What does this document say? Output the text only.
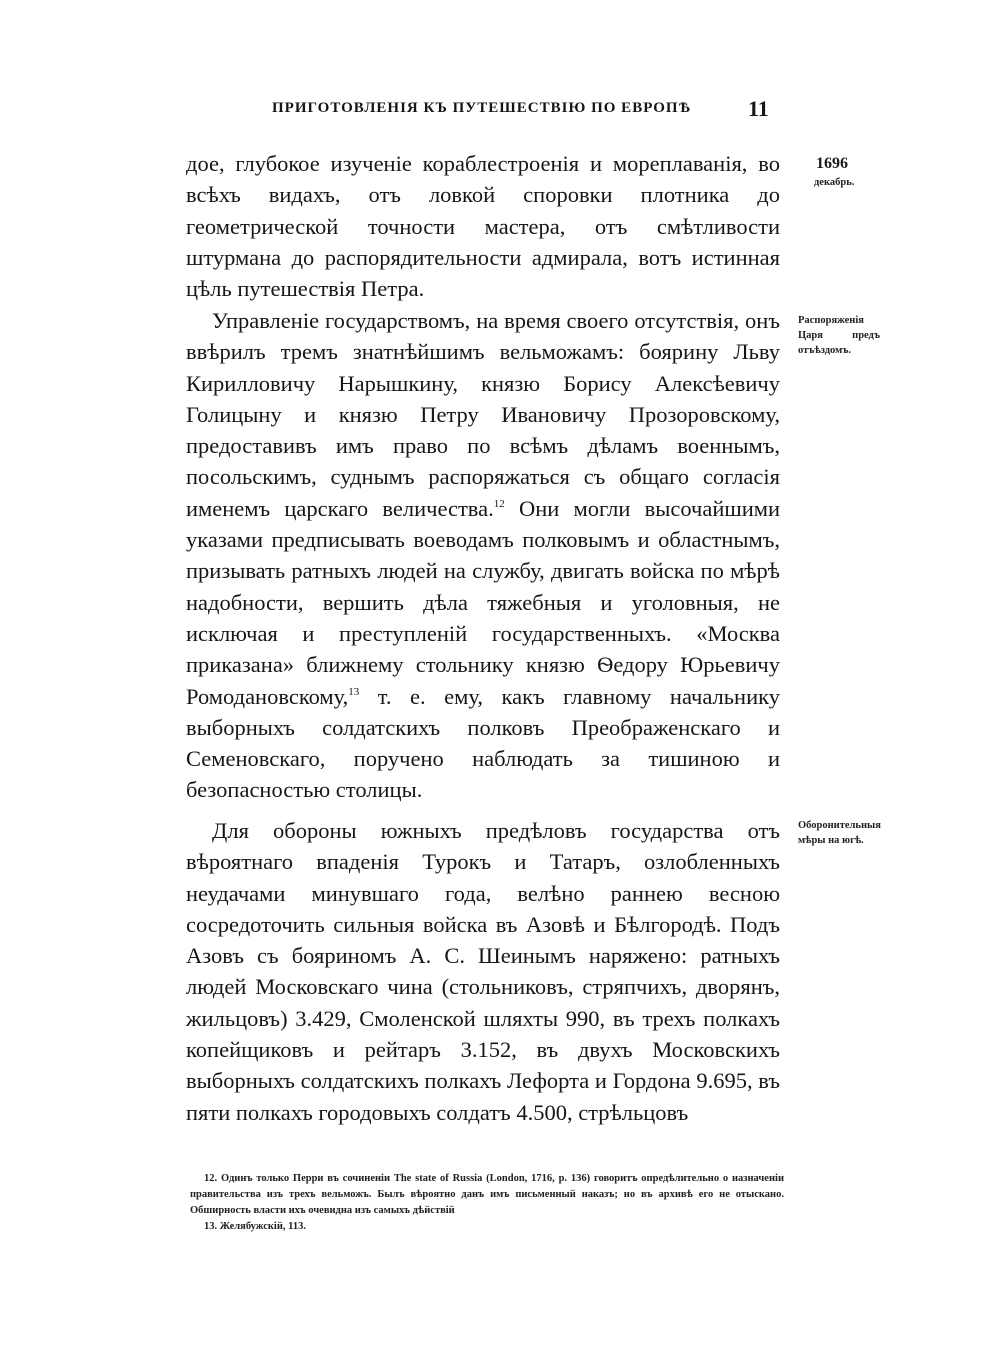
ПРИГОТОВЛЕНІЯ КЪ ПУТЕШЕСТВІЮ ПО ЕВРОПѢ	11
1696
декабрь.
Распоряженія Царя предъ отъѣздомъ.
Оборонительныя мѣры на югѣ.

дое, глубокое изученіе кораблестроенія и мореплаванія, во всѣхъ видахъ, отъ ловкой споровки плотника до геометрической точности мастера, отъ смѣтливости штурмана до распорядительности адмирала, вотъ истинная цѣль путешествія Петра.

Управленіе государствомъ, на время своего отсутствія, онъ ввѣрилъ тремъ знатнѣйшимъ вельможамъ: боярину Льву Кирилловичу Нарышкину, князю Борису Алексѣевичу Голицыну и князю Петру Ивановичу Прозоровскому, предоставивъ имъ право по всѣмъ дѣламъ военнымъ, посольскимъ, суднымъ распоряжаться съ общаго согласія именемъ царскаго величества.$^{12}$ Они могли высочайшими указами предписывать воеводамъ полковымъ и областнымъ, призывать ратныхъ людей на службу, двигать войска по мѣрѣ надобности, вершить дѣла тяжебныя и уголовныя, не исключая и преступленій государственныхъ. «Москва приказана» ближнему стольнику князю Ѳедору Юрьевичу Ромодановскому,$^{13}$ т. е. ему, какъ главному начальнику выборныхъ солдатскихъ полковъ Преображенскаго и Семеновскаго, поручено наблюдать за тишиною и безопасностью столицы.

Для обороны южныхъ предѣловъ государства отъ вѣроятнаго впаденія Турокъ и Татаръ, озлобленныхъ неудачами минувшаго года, велѣно раннею весною сосредоточить сильныя войска въ Азовѣ и Бѣлгородѣ. Подъ Азовъ съ бояриномъ А. С. Шеинымъ наряжено: ратныхъ людей Московскаго чина (стольниковъ, стряпчихъ, дворянъ, жильцовъ) 3.429, Смоленской шляхты 990, въ трехъ полкахъ копейщиковъ и рейтаръ 3.152, въ двухъ Московскихъ выборныхъ солдатскихъ полкахъ Лефорта и Гордона 9.695, въ пяти полкахъ городовыхъ солдатъ 4.500, стрѣльцовъ

12. Одинъ только Перри въ сочиненіи The state of Russia (London, 1716, p. 136) говоритъ опредѣлительно о назначеніи правительства изъ трехъ вельможъ. Былъ вѣроятно данъ имъ письменный наказъ; но въ архивѣ его не отыскано. Обширность власти ихъ очевидна изъ самыхъ дѣйствій

13. Желябужскій, 113.
